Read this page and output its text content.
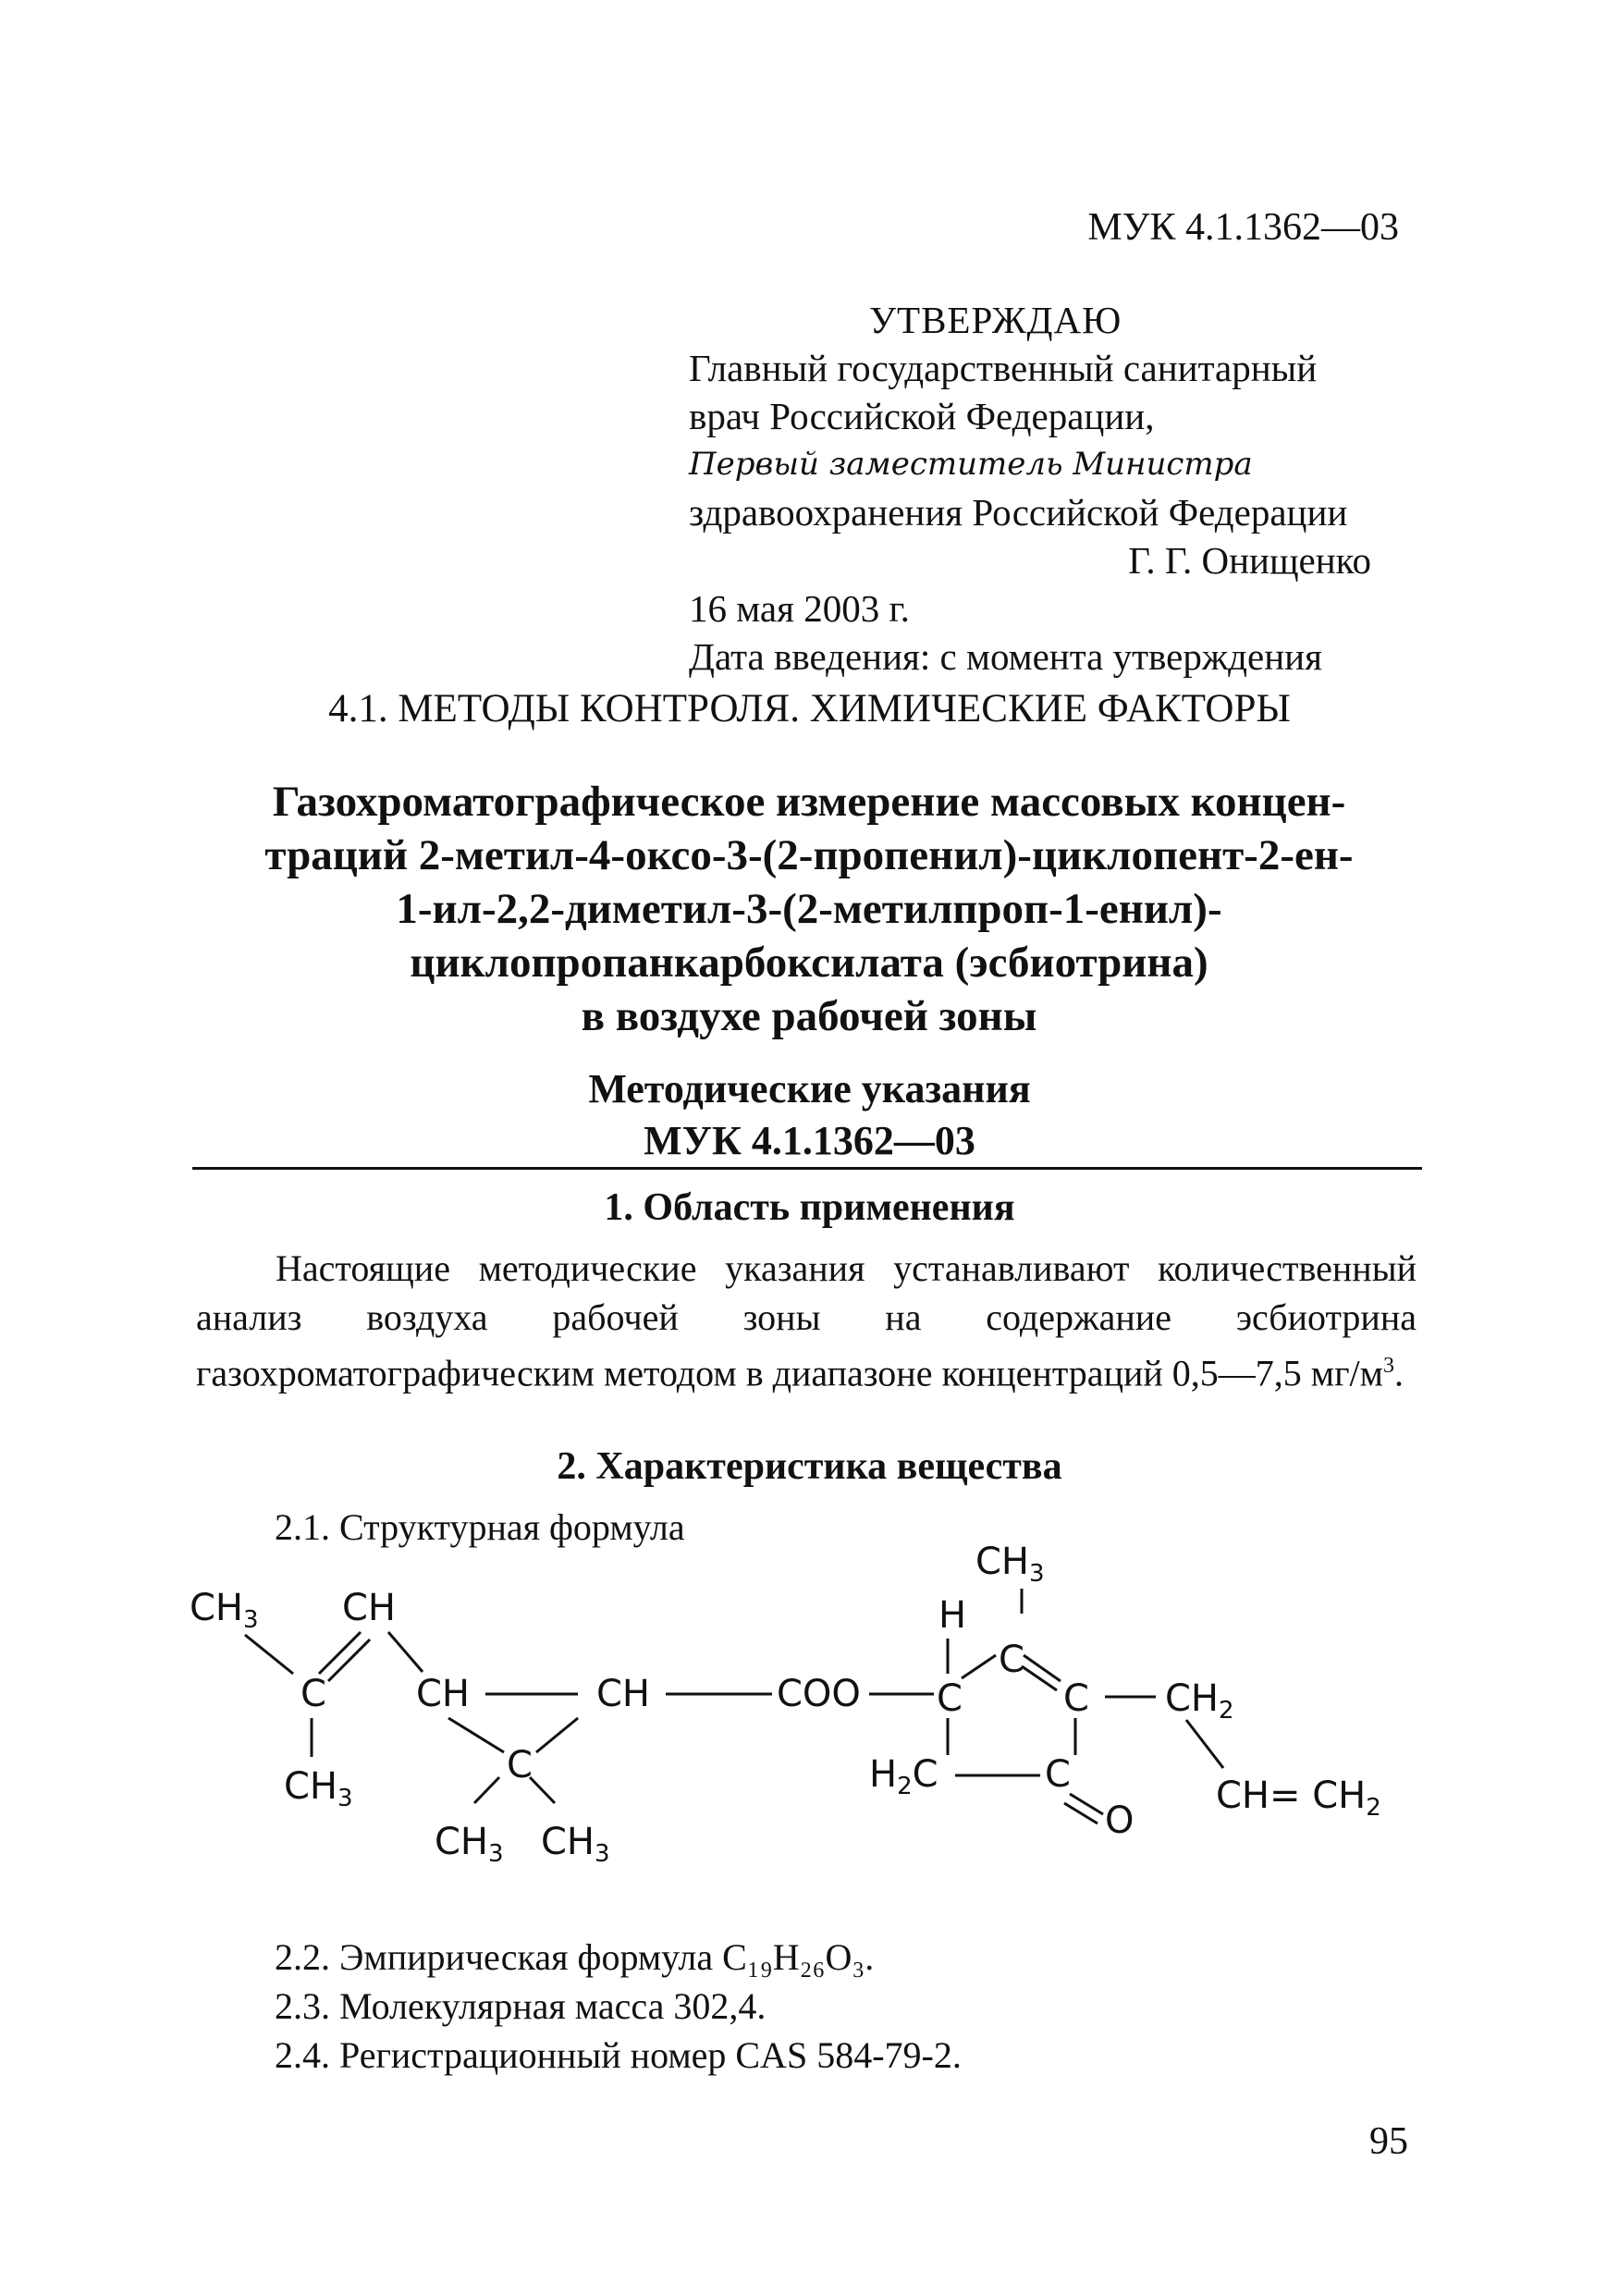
МУК 4.1.1362—03
УТВЕРЖДАЮ
Главный государственный санитарный
врач Российской Федерации,
Первый заместитель Министра
здравоохранения Российской Федерации
Г. Г. Онищенко
16 мая 2003 г.
Дата введения: с момента утверждения
4.1. МЕТОДЫ КОНТРОЛЯ. ХИМИЧЕСКИЕ ФАКТОРЫ
Газохроматографическое измерение массовых концен-
траций 2-метил-4-оксо-3-(2-пропенил)-циклопент-2-ен-
1-ил-2,2-диметил-3-(2-метилпроп-1-енил)-
циклопропанкарбоксилата (эсбиотрина)
в воздухе рабочей зоны
Методические указания
МУК 4.1.1362—03
1. Область применения
Настоящие методические указания устанавливают количественный анализ воздуха рабочей зоны на содержание эсбиотрина газохроматографическим методом в диапазоне концентраций 0,5—7,5 $мг/м^3$.
2. Характеристика вещества
2.1. Структурная формула
$CH_3$ CH
C
$CH_3$
CH	CH
C
$CH_3$ $CH_3$
COO
$CH_3$
H
C
C
C
$H_2C$	C
O
$CH_2$
$CH= CH_2$
2.2. Эмпирическая формула C₁₉H₂₆O₃.
2.3. Молекулярная масса 302,4.
2.4. Регистрационный номер CAS 584-79-2.
95
